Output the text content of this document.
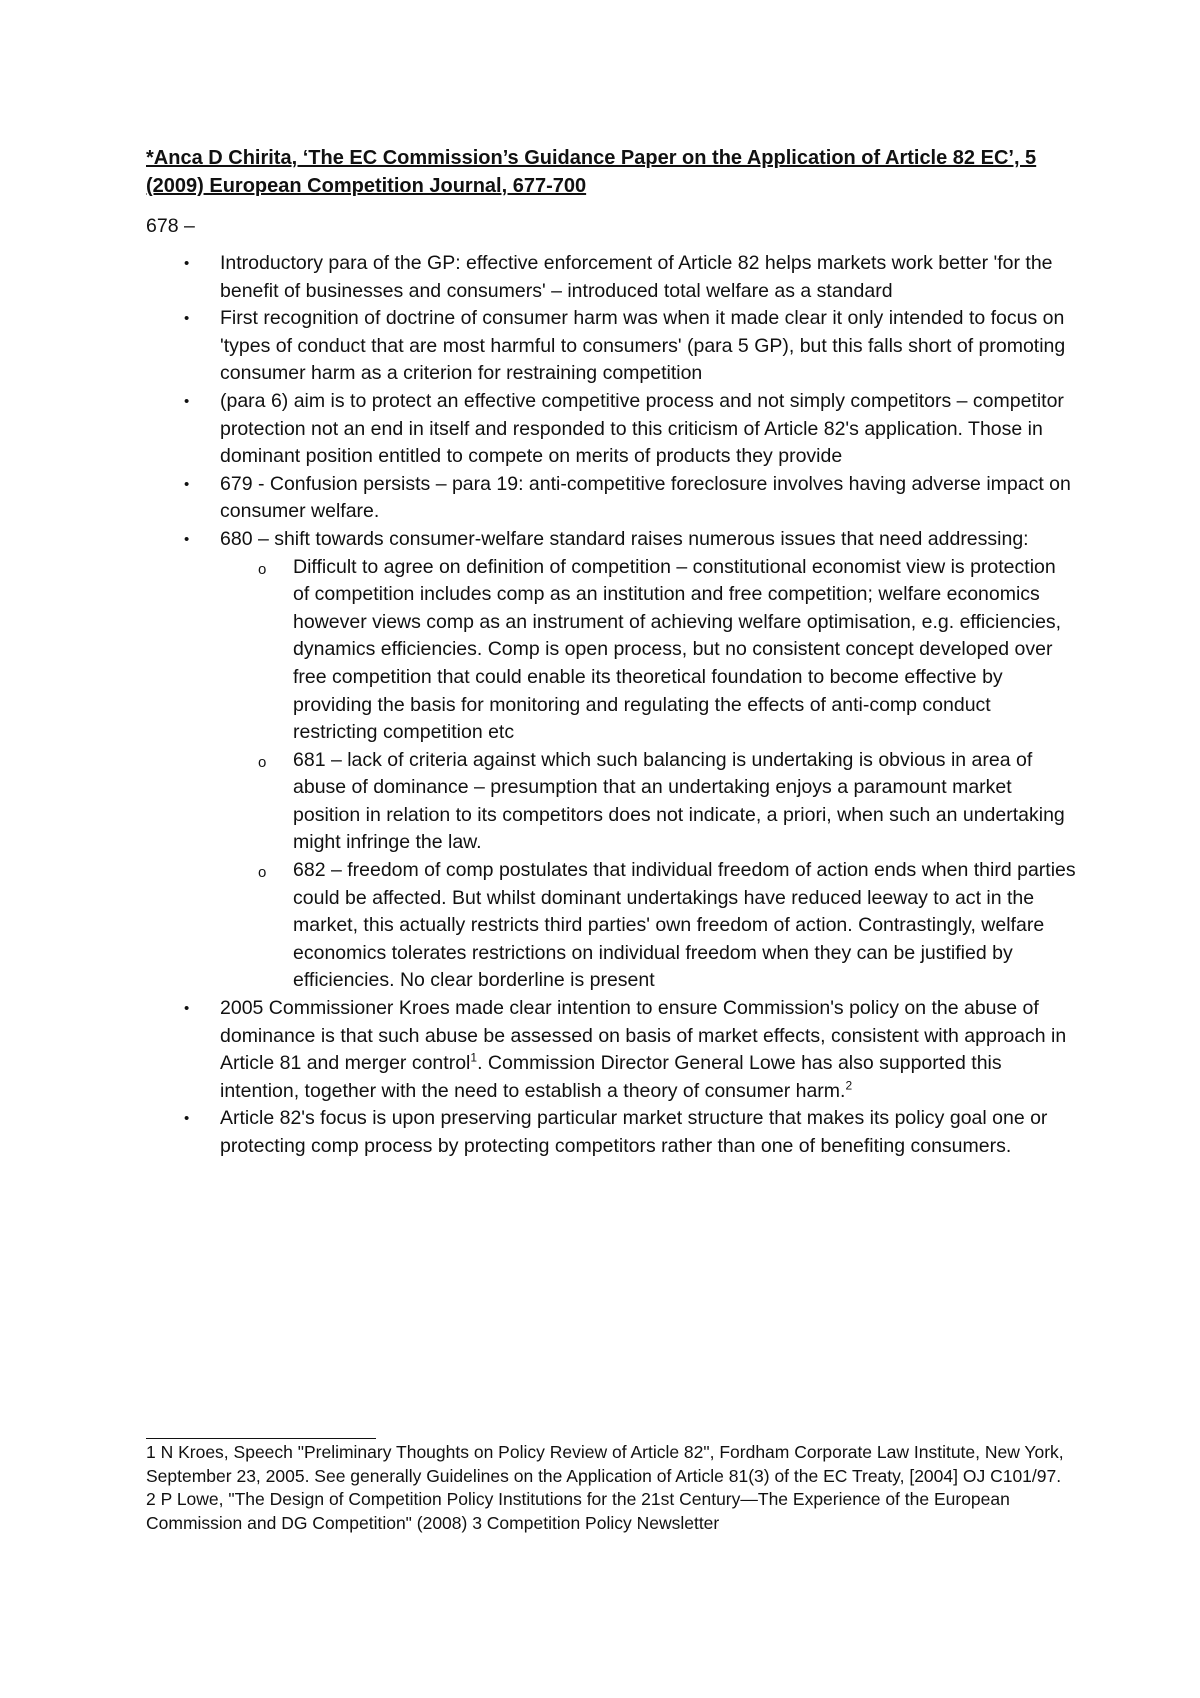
*Anca D Chirita, ‘The EC Commission’s Guidance Paper on the Application of Article 82 EC’, 5 (2009) European Competition Journal, 677-700

678 –

• Introductory para of the GP: effective enforcement of Article 82 helps markets work better 'for the benefit of businesses and consumers' – introduced total welfare as a standard
• First recognition of doctrine of consumer harm was when it made clear it only intended to focus on 'types of conduct that are most harmful to consumers' (para 5 GP), but this falls short of promoting consumer harm as a criterion for restraining competition
• (para 6) aim is to protect an effective competitive process and not simply competitors – competitor protection not an end in itself and responded to this criticism of Article 82's application. Those in dominant position entitled to compete on merits of products they provide
• 679 - Confusion persists – para 19: anti-competitive foreclosure involves having adverse impact on consumer welfare.
• 680 – shift towards consumer-welfare standard raises numerous issues that need addressing:
o Difficult to agree on definition of competition – constitutional economist view is protection of competition includes comp as an institution and free competition; welfare economics however views comp as an instrument of achieving welfare optimisation, e.g. efficiencies, dynamics efficiencies. Comp is open process, but no consistent concept developed over free competition that could enable its theoretical foundation to become effective by providing the basis for monitoring and regulating the effects of anti-comp conduct restricting competition etc
o 681 – lack of criteria against which such balancing is undertaking is obvious in area of abuse of dominance – presumption that an undertaking enjoys a paramount market position in relation to its competitors does not indicate, a priori, when such an undertaking might infringe the law.
o 682 – freedom of comp postulates that individual freedom of action ends when third parties could be affected. But whilst dominant undertakings have reduced leeway to act in the market, this actually restricts third parties' own freedom of action. Contrastingly, welfare economics tolerates restrictions on individual freedom when they can be justified by efficiencies. No clear borderline is present
• 2005 Commissioner Kroes made clear intention to ensure Commission's policy on the abuse of dominance is that such abuse be assessed on basis of market effects, consistent with approach in Article 81 and merger control$^1$. Commission Director General Lowe has also supported this intention, together with the need to establish a theory of consumer harm.$^2$
• Article 82's focus is upon preserving particular market structure that makes its policy goal one or protecting comp process by protecting competitors rather than one of benefiting consumers.

1 N Kroes, Speech "Preliminary Thoughts on Policy Review of Article 82", Fordham Corporate Law Institute, New York, September 23, 2005. See generally Guidelines on the Application of Article 81(3) of the EC Treaty, [2004] OJ C101/97.

2 P Lowe, "The Design of Competition Policy Institutions for the 21st Century—The Experience of the European Commission and DG Competition" (2008) 3 Competition Policy Newsletter
